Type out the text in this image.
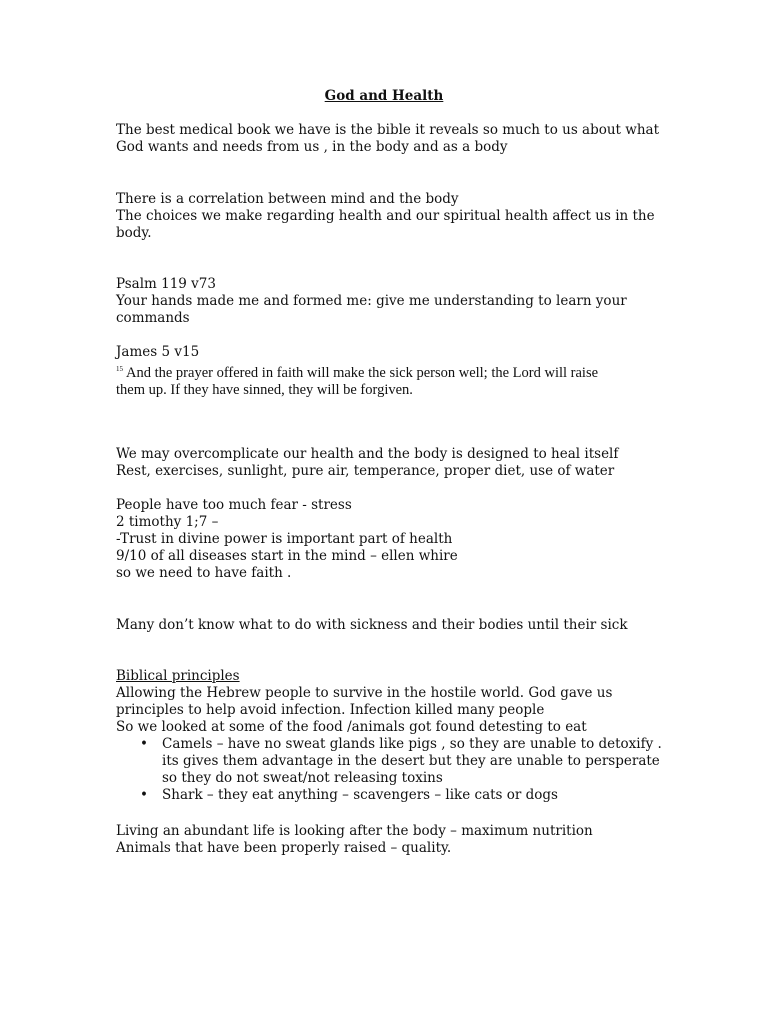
God and Health
The best medical book we have is the bible it reveals so much to us about what
God wants and needs from us , in the body and as a body
There is a correlation between mind and the body
The choices we make regarding health and our spiritual health affect us in the
body.
Psalm 119 v73
Your hands made me and formed me: give me understanding to learn your
commands
James 5 v15
$^{15}$ And the prayer offered in faith will make the sick person well; the Lord will raise
them up. If they have sinned, they will be forgiven.
We may overcomplicate our health and the body is designed to heal itself
Rest, exercises, sunlight, pure air, temperance, proper diet, use of water
People have too much fear - stress
2 timothy 1;7 –
-Trust in divine power is important part of health
9/10 of all diseases start in the mind – ellen whire
so we need to have faith .
Many don’t know what to do with sickness and their bodies until their sick
Biblical principles
Allowing the Hebrew people to survive in the hostile world. God gave us
principles to help avoid infection. Infection killed many people
So we looked at some of the food /animals got found detesting to eat
• Camels – have no sweat glands like pigs , so they are unable to detoxify .
its gives them advantage in the desert but they are unable to persperate
so they do not sweat/not releasing toxins
• Shark – they eat anything – scavengers – like cats or dogs
Living an abundant life is looking after the body – maximum nutrition
Animals that have been properly raised – quality.
